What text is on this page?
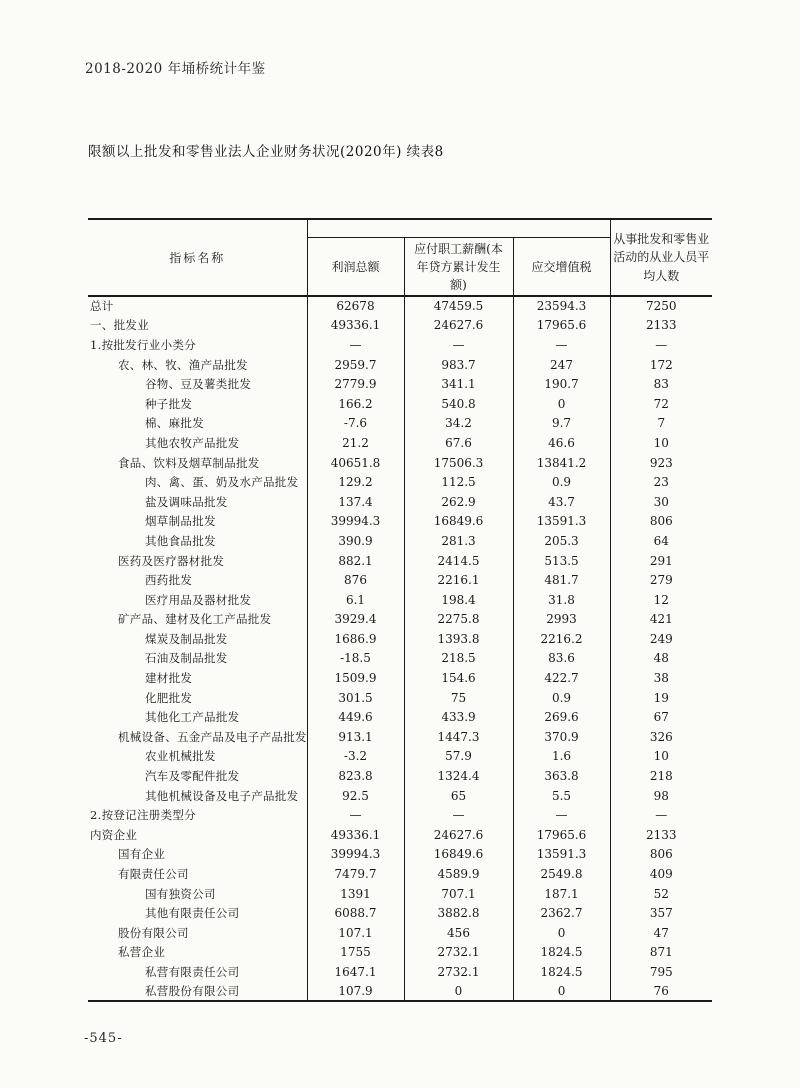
2018-2020 年埇桥统计年鉴
限额以上批发和零售业法人企业财务状况(2020年) 续表8
指标名称				从事批发和零售业活动的从业人员平均人数
	利润总额	应付职工薪酬(本年贷方累计发生额)	应交增值税	
总计	62678	47459.5	23594.3	7250
一、批发业	49336.1	24627.6	17965.6	2133
1.按批发行业小类分	—	—	—	—
农、林、牧、渔产品批发	2959.7	983.7	247	172
谷物、豆及薯类批发	2779.9	341.1	190.7	83
种子批发	166.2	540.8	0	72
棉、麻批发	-7.6	34.2	9.7	7
其他农牧产品批发	21.2	67.6	46.6	10
食品、饮料及烟草制品批发	40651.8	17506.3	13841.2	923
肉、禽、蛋、奶及水产品批发	129.2	112.5	0.9	23
盐及调味品批发	137.4	262.9	43.7	30
烟草制品批发	39994.3	16849.6	13591.3	806
其他食品批发	390.9	281.3	205.3	64
医药及医疗器材批发	882.1	2414.5	513.5	291
西药批发	876	2216.1	481.7	279
医疗用品及器材批发	6.1	198.4	31.8	12
矿产品、建材及化工产品批发	3929.4	2275.8	2993	421
煤炭及制品批发	1686.9	1393.8	2216.2	249
石油及制品批发	-18.5	218.5	83.6	48
建材批发	1509.9	154.6	422.7	38
化肥批发	301.5	75	0.9	19
其他化工产品批发	449.6	433.9	269.6	67
机械设备、五金产品及电子产品批发	913.1	1447.3	370.9	326
农业机械批发	-3.2	57.9	1.6	10
汽车及零配件批发	823.8	1324.4	363.8	218
其他机械设备及电子产品批发	92.5	65	5.5	98
2.按登记注册类型分	—	—	—	—
内资企业	49336.1	24627.6	17965.6	2133
国有企业	39994.3	16849.6	13591.3	806
有限责任公司	7479.7	4589.9	2549.8	409
国有独资公司	1391	707.1	187.1	52
其他有限责任公司	6088.7	3882.8	2362.7	357
股份有限公司	107.1	456	0	47
私营企业	1755	2732.1	1824.5	871
私营有限责任公司	1647.1	2732.1	1824.5	795
私营股份有限公司	107.9	0	0	76
-545-
